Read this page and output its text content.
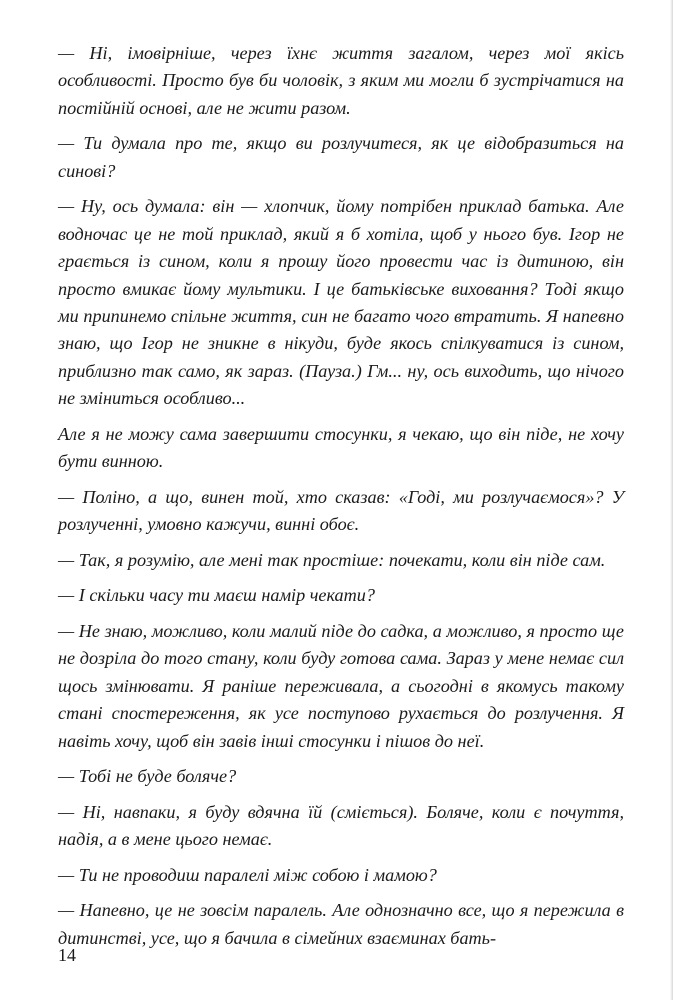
— Ні, імовірніше, через їхнє життя загалом, через мої якісь особливості. Просто був би чоловік, з яким ми могли б зустрічатися на постійній основі, але не жити разом.

— Ти думала про те, якщо ви розлучитеся, як це відобразиться на синові?

— Ну, ось думала: він — хлопчик, йому потрібен приклад батька. Але водночас це не той приклад, який я б хотіла, щоб у нього був. Ігор не грається із сином, коли я прошу його провести час із дитиною, він просто вмикає йому мультики. І це батьківське виховання? Тоді якщо ми припинемо спільне життя, син не багато чого втратить. Я напевно знаю, що Ігор не зникне в нікуди, буде якось спілкуватися із сином, приблизно так само, як зараз. (Пауза.) Гм... ну, ось виходить, що нічого не зміниться особливо...

Але я не можу сама завершити стосунки, я чекаю, що він піде, не хочу бути винною.

— Поліно, а що, винен той, хто сказав: «Годі, ми розлучаємося»? У розлученні, умовно кажучи, винні обоє.

— Так, я розумію, але мені так простіше: почекати, коли він піде сам.

— І скільки часу ти маєш намір чекати?

— Не знаю, можливо, коли малий піде до садка, а можливо, я просто ще не дозріла до того стану, коли буду готова сама. Зараз у мене немає сил щось змінювати. Я раніше переживала, а сьогодні в якомусь такому стані спостереження, як усе поступово рухається до розлучення. Я навіть хочу, щоб він завів інші стосунки і пішов до неї.

— Тобі не буде боляче?

— Ні, навпаки, я буду вдячна їй (сміється). Боляче, коли є почуття, надія, а в мене цього немає.

— Ти не проводиш паралелі між собою і мамою?

— Напевно, це не зовсім паралель. Але однозначно все, що я пережила в дитинстві, усе, що я бачила в сімейних взаєминах бать-

14
